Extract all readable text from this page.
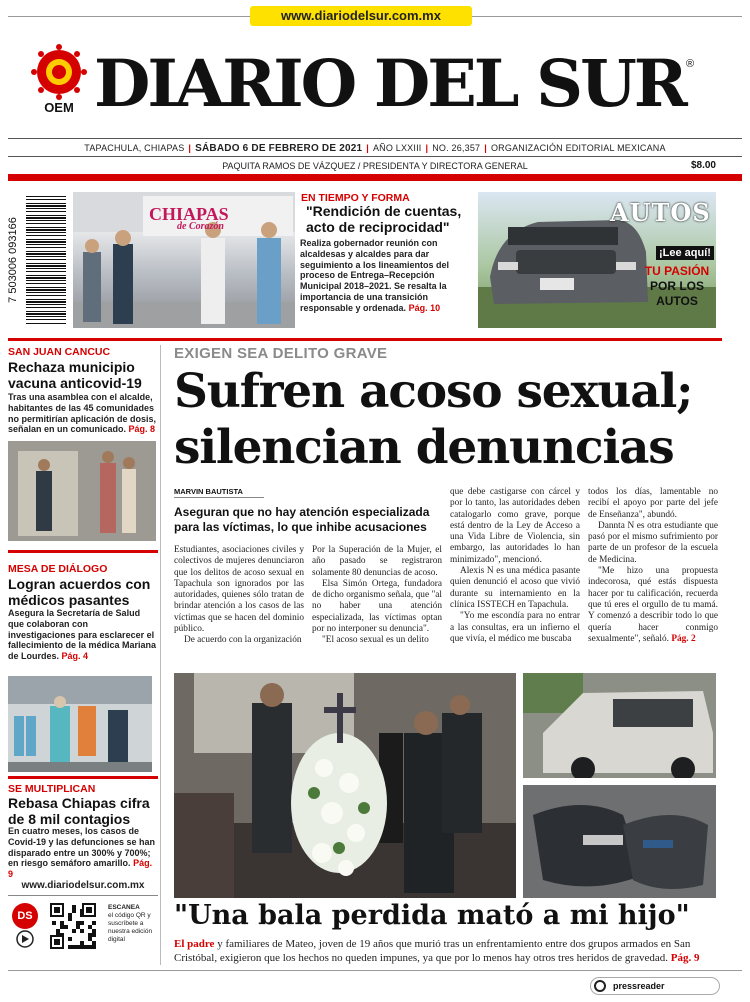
www.diariodelsur.com.mx
OEM DIARIO DEL SUR ®
TAPACHULA, CHIAPAS | SÁBADO 6 DE FEBRERO DE 2021 | AÑO LXXIII | NO. 26,357 | ORGANIZACIÓN EDITORIAL MEXICANA
PAQUITA RAMOS DE VÁZQUEZ / PRESIDENTA Y DIRECTORA GENERAL	$8.00
7 503006 093166
CHIAPAS
de Corazón
EN TIEMPO Y FORMA
"Rendición de cuentas, acto de reciprocidad"
Realiza gobernador reunión con alcaldesas y alcaldes para dar seguimiento a los lineamientos del proceso de Entrega–Recepción Municipal 2018–2021. Se resalta la importancia de una transición responsable y ordenada. Pág. 10
AUTOS
¡Lee aquí!
TU PASIÓN
POR LOS
AUTOS
SAN JUAN CANCUC
Rechaza municipio vacuna anticovid-19
Tras una asamblea con el alcalde, habitantes de las 45 comunidades no permitirían aplicación de dosis, señalan en un comunicado. Pág. 8
MESA DE DIÁLOGO
Logran acuerdos con médicos pasantes
Asegura la Secretaría de Salud que colaboran con investigaciones para esclarecer el fallecimiento de la médica Mariana de Lourdes. Pág. 4
SE MULTIPLICAN
Rebasa Chiapas cifra de 8 mil contagios
En cuatro meses, los casos de Covid-19 y las defunciones se han disparado entre un 300% y 700%; en riesgo semáforo amarillo. Pág. 9
www.diariodelsur.com.mx
DS
ESCANEA
el código QR y suscríbete a nuestra edición digital
EXIGEN SEA DELITO GRAVE
Sufren acoso sexual;
silencian denuncias
MARVIN BAUTISTA
Aseguran que no hay atención especializada para las víctimas, lo que inhibe acusaciones

Estudiantes, asociaciones civiles y colectivos de mujeres denunciaron que los delitos de acoso sexual en Tapachula son ignorados por las autoridades, quienes sólo tratan de brindar atención a los casos de las víctimas que se hacen del dominio público.

De acuerdo con la organización

Por la Superación de la Mujer, el año pasado se registraron solamente 80 denuncias de acoso.

Elsa Simón Ortega, fundadora de dicho organismo señala, que "al no haber una atención especializada, las víctimas optan por no interponer su denuncia".

"El acoso sexual es un delito

que debe castigarse con cárcel y por lo tanto, las autoridades deben catalogarlo como grave, porque está dentro de la Ley de Acceso a una Vida Libre de Violencia, sin embargo, las autoridades lo han minimizado", mencionó.

Alexis N es una médica pasante quien denunció el acoso que vivió durante su internamiento en la clínica ISSTECH en Tapachula.

"Yo me escondía para no entrar a las consultas, era un infierno el que vivía, el médico me buscaba

todos los días, lamentable no recibí el apoyo por parte del jefe de Enseñanza", abundó.

Dannta N es otra estudiante que pasó por el mismo sufrimiento por parte de un profesor de la escuela de Medicina.

"Me hizo una propuesta indecorosa, qué estás dispuesta hacer por tu calificación, recuerda que tú eres el orgullo de tu mamá. Y comenzó a describir todo lo que quería hacer conmigo sexualmente", señaló. Pág. 2

"Una bala perdida mató a mi hijo"
El padre y familiares de Mateo, joven de 19 años que murió tras un enfrentamiento entre dos grupos armados en San Cristóbal, exigieron que los hechos no queden impunes, ya que por lo menos hay otros tres heridos de gravedad. Pág. 9
pressreader
